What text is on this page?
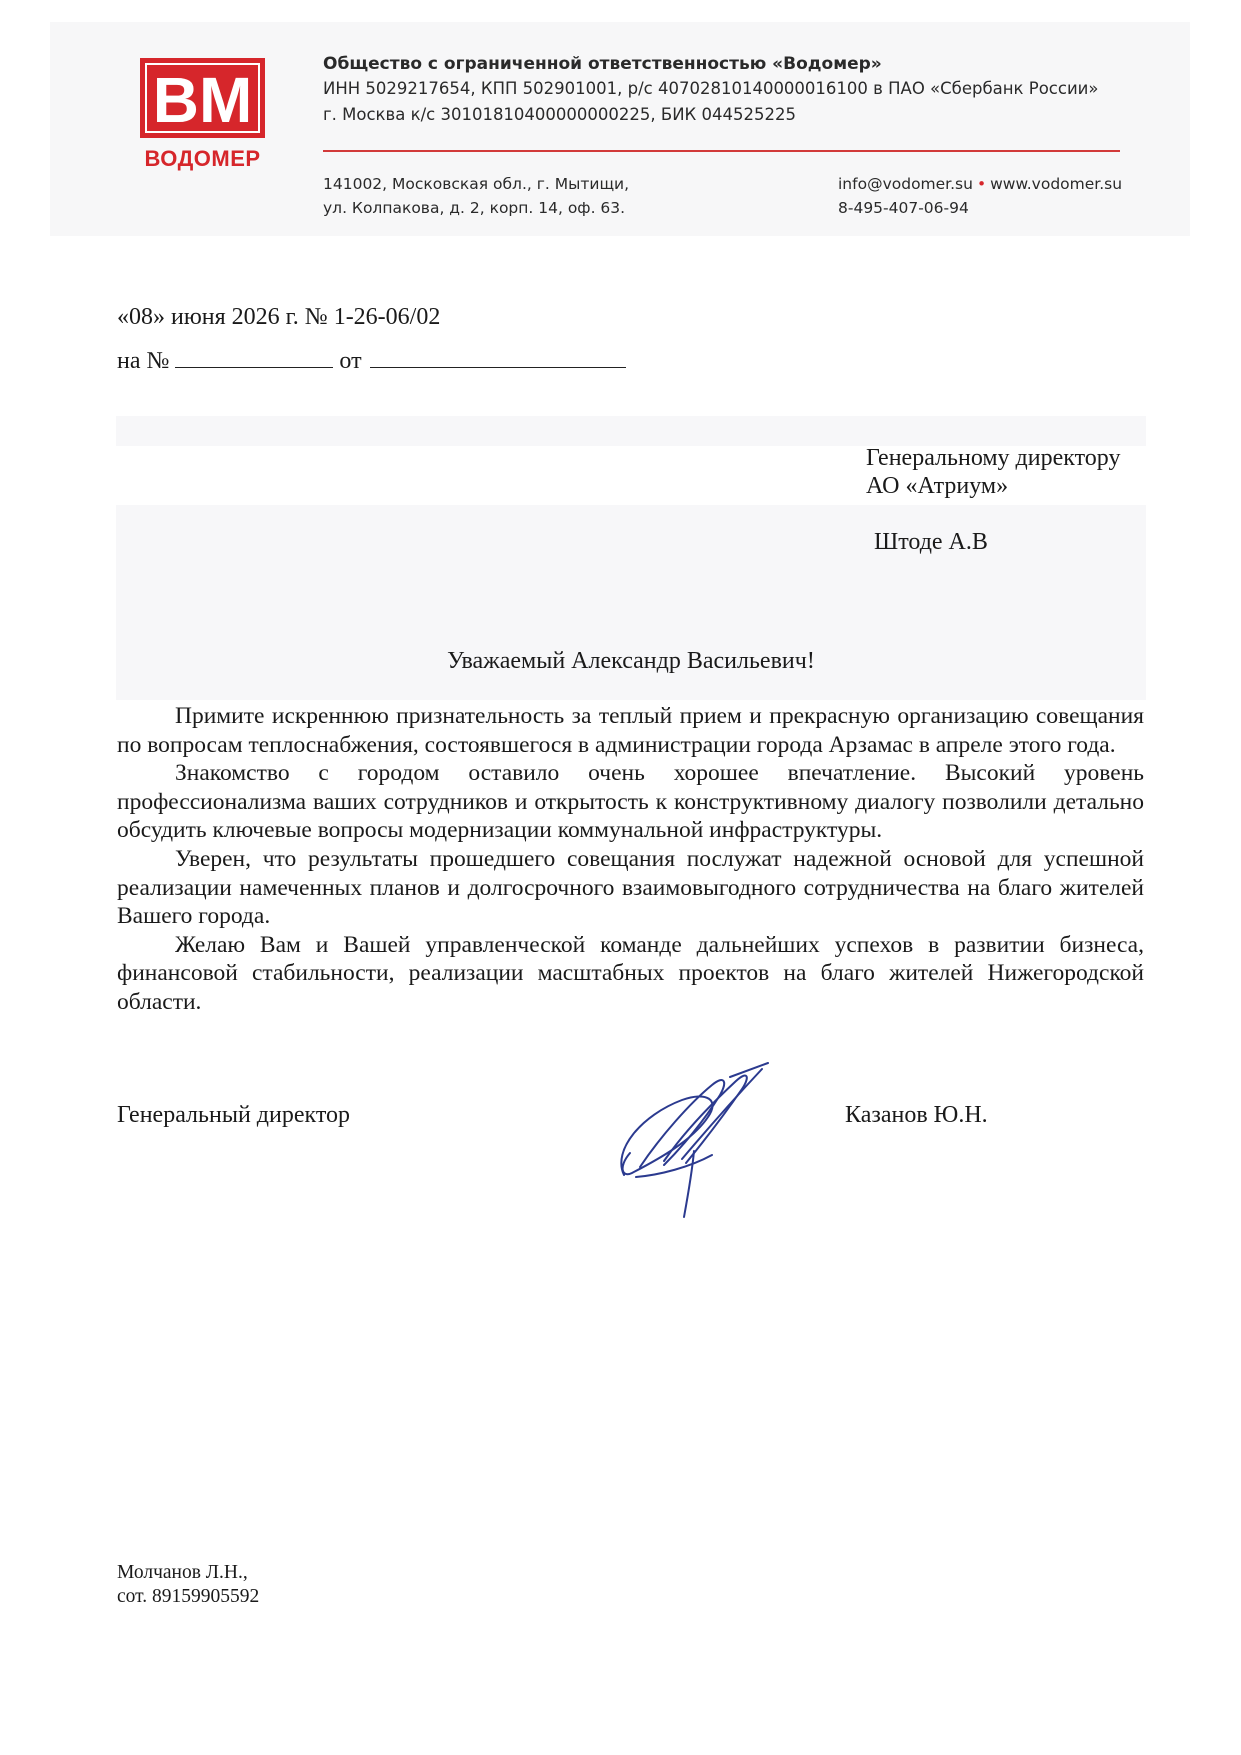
ВМ
ВОДОМЕР
Общество с ограниченной ответственностью «Водомер»
ИНН 5029217654, КПП 502901001, р/с 40702810140000016100 в ПАО «Сбербанк России»
г. Москва к/с 30101810400000000225, БИК 044525225
141002, Московская обл., г. Мытищи,
ул. Колпакова, д. 2, корп. 14, оф. 63.
info@vodomer.su • www.vodomer.su
8-495-407-06-94
«08» июня 2026 г. № 1-26-06/02
на №	от
Генеральному директору
АО «Атриум»
Штоде А.В
Уважаемый Александр Васильевич!

Примите искреннюю признательность за теплый прием и прекрасную организацию совещания по вопросам теплоснабжения, состоявшегося в администрации города Арзамас в апреле этого года.

Знакомство с городом оставило очень хорошее впечатление. Высокий уровень профессионализма ваших сотрудников и открытость к конструктивному диалогу позволили детально обсудить ключевые вопросы модернизации коммунальной инфраструктуры.

Уверен, что результаты прошедшего совещания послужат надежной основой для успешной реализации намеченных планов и долгосрочного взаимовыгодного сотрудничества на благо жителей Вашего города.

Желаю Вам и Вашей управленческой команде дальнейших успехов в развитии бизнеса, финансовой стабильности, реализации масштабных проектов на благо жителей Нижегородской области.

Генеральный директор	Казанов Ю.Н.
Молчанов Л.Н.,
сот. 89159905592
